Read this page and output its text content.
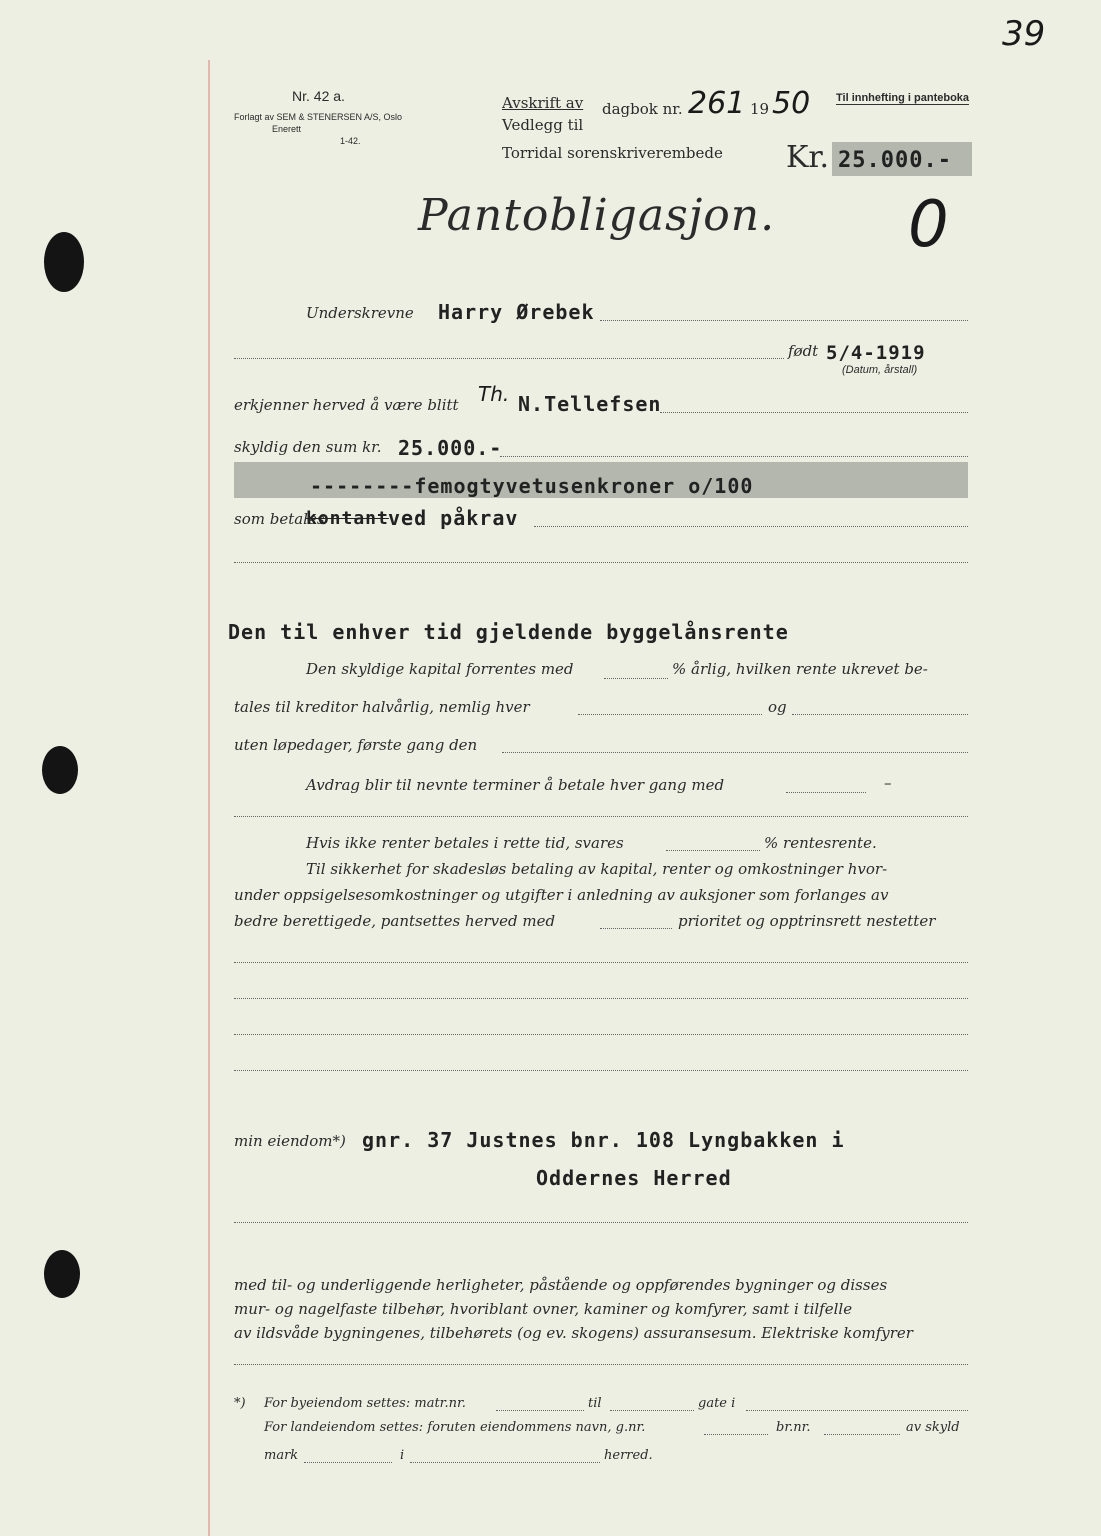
39
Nr. 42 a.
Forlagt av SEM & STENERSEN A/S, Oslo
Enerett
1-42.
Avskrift av
Vedlegg til
dagbok nr. 261 19 50 Til innhefting i panteboka
Torridal sorenskriverembede Kr. 25.000.-
Pantobligasjon. 0
Underskrevne Harry Ørebek
født 5/4-1919
(Datum, årstall)
erkjenner herved å være blitt Th. N.Tellefsen
skyldig den sum kr. 25.000.-
--------femogtyvetusenkroner o/100
som betales
kontant ved påkrav
Den til enhver tid gjeldende byggelånsrente
Den skyldige kapital forrentes med	% årlig, hvilken rente ukrevet be-
tales til kreditor halvårlig, nemlig hver	og
uten løpedager, første gang den
Avdrag blir til nevnte terminer å betale hver gang med	–
Hvis ikke renter betales i rette tid, svares	% rentesrente.
Til sikkerhet for skadesløs betaling av kapital, renter og omkostninger hvor-
under oppsigelsesomkostninger og utgifter i anledning av auksjoner som forlanges av
bedre berettigede, pantsettes herved med	prioritet og opptrinsrett nestetter
min eiendom*) gnr. 37 Justnes bnr. 108 Lyngbakken i
Oddernes Herred
med til- og underliggende herligheter, påstående og oppførendes bygninger og disses
mur- og nagelfaste tilbehør, hvoriblant ovner, kaminer og komfyrer, samt i tilfelle
av ildsvåde bygningenes, tilbehørets (og ev. skogens) assuransesum. Elektriske komfyrer
*) For byeiendom settes: matr.nr.	til	gate i
For landeiendom settes: foruten eiendommens navn, g.nr.	br.nr.	av skyld
mark	i	herred.
